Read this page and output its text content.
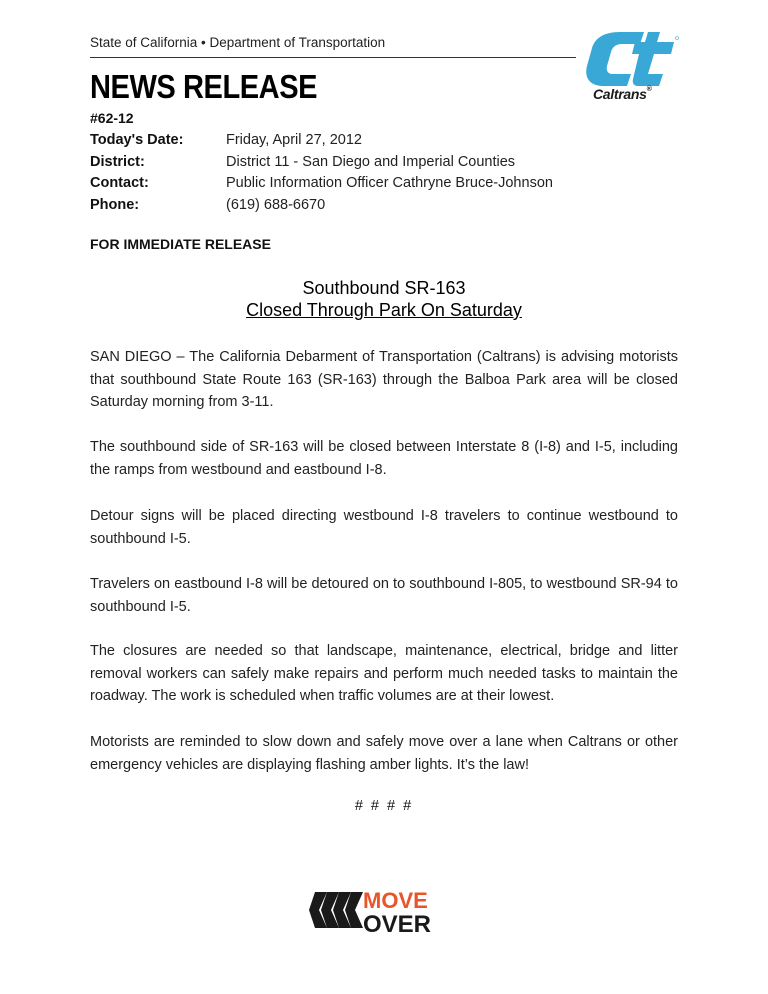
State of California • Department of Transportation
NEWS RELEASE	Caltrans®
#62-12
Today's Date:	Friday, April 27, 2012
District:	District 11 - San Diego and Imperial Counties
Contact:	Public Information Officer Cathryne Bruce-Johnson
Phone:	(619) 688-6670
FOR IMMEDIATE RELEASE
Southbound SR-163
Closed Through Park On Saturday
SAN DIEGO – The California Debarment of Transportation (Caltrans) is advising motorists that southbound State Route 163 (SR-163) through the Balboa Park area will be closed Saturday morning from 3-11.
The southbound side of SR-163 will be closed between Interstate 8 (I-8) and I-5, including the ramps from westbound and eastbound I-8.
Detour signs will be placed directing westbound I-8 travelers to continue westbound to southbound I-5.
Travelers on eastbound I-8 will be detoured on to southbound I-805, to westbound SR-94 to southbound I-5.
The closures are needed so that landscape, maintenance, electrical, bridge and litter removal workers can safely make repairs and perform much needed tasks to maintain the roadway. The work is scheduled when traffic volumes are at their lowest.
Motorists are reminded to slow down and safely move over a lane when Caltrans or other emergency vehicles are displaying flashing amber lights. It’s the law!
# # # #
MOVE
OVER
